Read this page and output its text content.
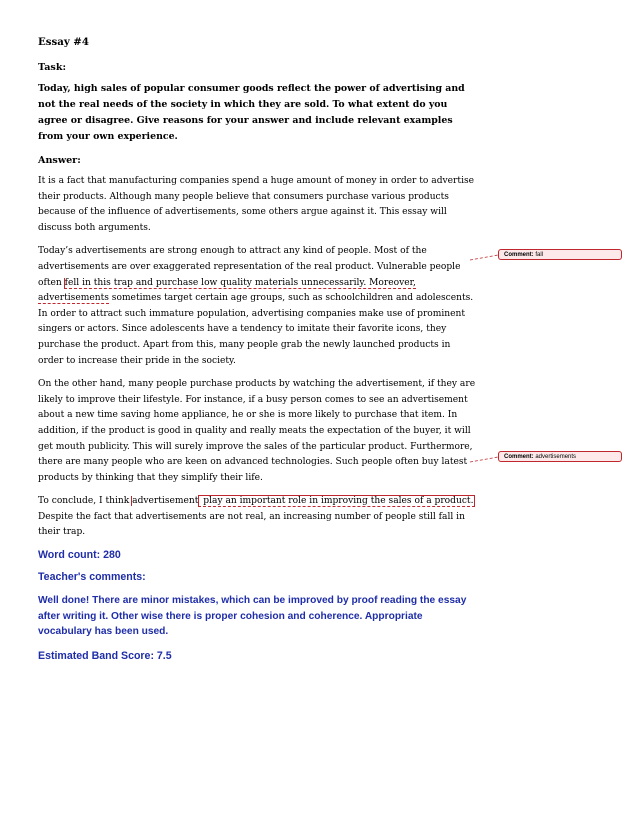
Essay #4

Task:

Today, high sales of popular consumer goods reflect the power of advertising and not the real needs of the society in which they are sold. To what extent do you agree or disagree. Give reasons for your answer and include relevant examples from your own experience.

Answer:

It is a fact that manufacturing companies spend a huge amount of money in order to advertise their products. Although many people believe that consumers purchase various products because of the influence of advertisements, some others argue against it. This essay will discuss both arguments.

Today’s advertisements are strong enough to attract any kind of people. Most of the advertisements are over exaggerated representation of the real product. Vulnerable people often fell in this trap and purchase low quality materials unnecessarily. Moreover, advertisements sometimes target certain age groups, such as schoolchildren and adolescents. In order to attract such immature population, advertising companies make use of prominent singers or actors. Since adolescents have a tendency to imitate their favorite icons, they purchase the product. Apart from this, many people grab the newly launched products in order to increase their pride in the society.

On the other hand, many people purchase products by watching the advertisement, if they are likely to improve their lifestyle. For instance, if a busy person comes to see an advertisement about a new time saving home appliance, he or she is more likely to purchase that item. In addition, if the product is good in quality and really meats the expectation of the buyer, it will get mouth publicity. This will surely improve the sales of the particular product. Furthermore, there are many people who are keen on advanced technologies. Such people often buy latest products by thinking that they simplify their life.

To conclude, I think advertisement play an important role in improving the sales of a product. Despite the fact that advertisements are not real, an increasing number of people still fall in their trap.

Word count: 280

Teacher's comments:

Well done! There are minor mistakes, which can be improved by proof reading the essay after writing it. Other wise there is proper cohesion and coherence. Appropriate vocabulary has been used.

Estimated Band Score: 7.5

Comment: fall
Comment: advertisements
